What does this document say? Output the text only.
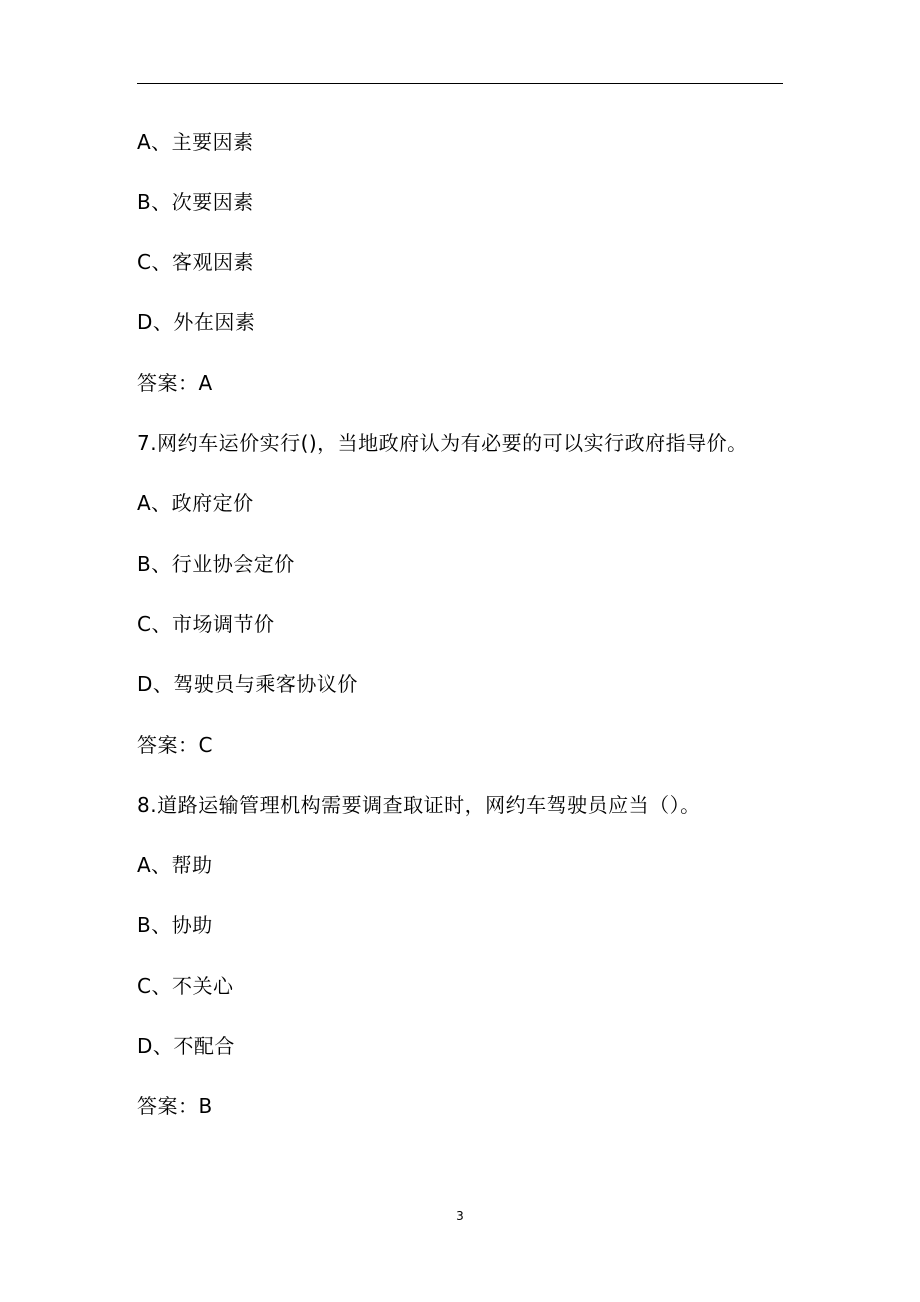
A、主要因素
B、次要因素
C、客观因素
D、外在因素
答案：A
7.网约车运价实行()，当地政府认为有必要的可以实行政府指导价。
A、政府定价
B、行业协会定价
C、市场调节价
D、驾驶员与乘客协议价
答案：C
8.道路运输管理机构需要调查取证时，网约车驾驶员应当（）。
A、帮助
B、协助
C、不关心
D、不配合
答案：B
3
